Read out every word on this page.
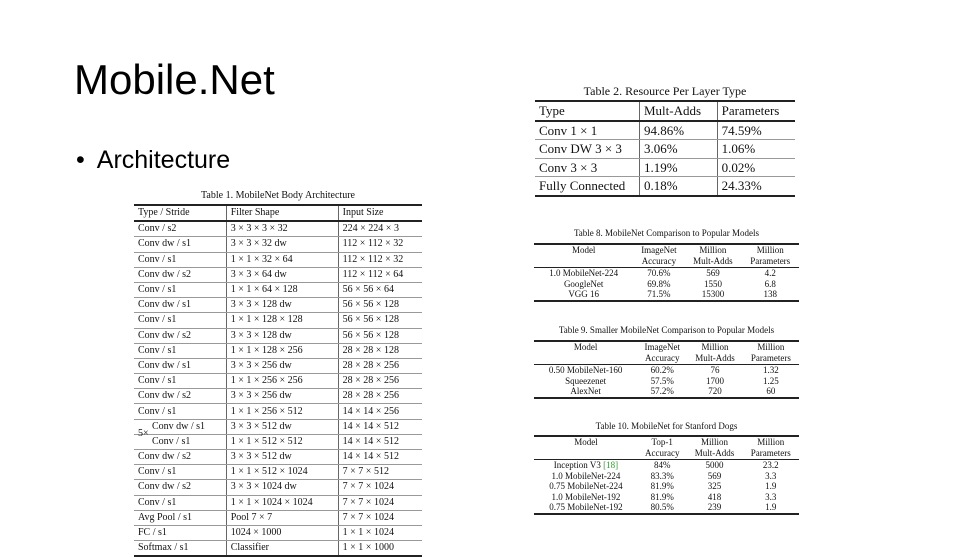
Mobile.Net
• Architecture
Table 1. MobileNet Body Architecture
Type / Stride	Filter Shape	Input Size
Conv / s2	3 × 3 × 3 × 32	224 × 224 × 3
Conv dw / s1	3 × 3 × 32 dw	112 × 112 × 32
Conv / s1	1 × 1 × 32 × 64	112 × 112 × 32
Conv dw / s2	3 × 3 × 64 dw	112 × 112 × 64
Conv / s1	1 × 1 × 64 × 128	56 × 56 × 64
Conv dw / s1	3 × 3 × 128 dw	56 × 56 × 128
Conv / s1	1 × 1 × 128 × 128	56 × 56 × 128
Conv dw / s2	3 × 3 × 128 dw	56 × 56 × 128
Conv / s1	1 × 1 × 128 × 256	28 × 28 × 128
Conv dw / s1	3 × 3 × 256 dw	28 × 28 × 256
Conv / s1	1 × 1 × 256 × 256	28 × 28 × 256
Conv dw / s2	3 × 3 × 256 dw	28 × 28 × 256
Conv / s1	1 × 1 × 256 × 512	14 × 14 × 256

5×
Conv dw / s1	3 × 3 × 512 dw	14 × 14 × 512

Conv / s1	1 × 1 × 512 × 512	14 × 14 × 512
Conv dw / s2	3 × 3 × 512 dw	14 × 14 × 512
Conv / s1	1 × 1 × 512 × 1024	7 × 7 × 512
Conv dw / s2	3 × 3 × 1024 dw	7 × 7 × 1024
Conv / s1	1 × 1 × 1024 × 1024	7 × 7 × 1024
Avg Pool / s1	Pool 7 × 7	7 × 7 × 1024
FC / s1	1024 × 1000	1 × 1 × 1024
Softmax / s1	Classifier	1 × 1 × 1000
Table 2. Resource Per Layer Type
Type	Mult-Adds	Parameters
Conv 1 × 1	94.86%	74.59%
Conv DW 3 × 3	3.06%	1.06%
Conv 3 × 3	1.19%	0.02%
Fully Connected	0.18%	24.33%
Table 8. MobileNet Comparison to Popular Models
Model	ImageNet	Million	Million
	Accuracy	Mult-Adds	Parameters
1.0 MobileNet-224	70.6%	569	4.2
GoogleNet	69.8%	1550	6.8
VGG 16	71.5%	15300	138
Table 9. Smaller MobileNet Comparison to Popular Models
Model	ImageNet	Million	Million
	Accuracy	Mult-Adds	Parameters
0.50 MobileNet-160	60.2%	76	1.32
Squeezenet	57.5%	1700	1.25
AlexNet	57.2%	720	60
Table 10. MobileNet for Stanford Dogs
Model	Top-1	Million	Million
	Accuracy	Mult-Adds	Parameters
Inception V3 [18]	84%	5000	23.2
1.0 MobileNet-224	83.3%	569	3.3
0.75 MobileNet-224	81.9%	325	1.9
1.0 MobileNet-192	81.9%	418	3.3
0.75 MobileNet-192	80.5%	239	1.9
